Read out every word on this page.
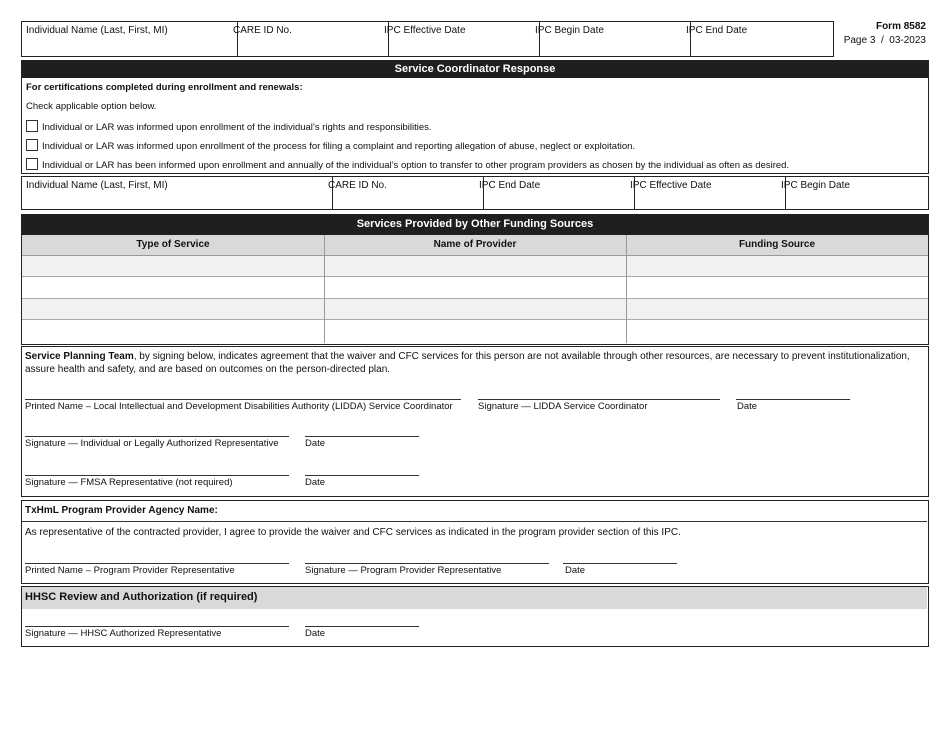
Individual Name (Last, First, MI)	CARE ID No.	IPC Effective Date	IPC Begin Date	IPC End Date	Form 8582
Page 3  /  03-2023
Service Coordinator Response
For certifications completed during enrollment and renewals:
Check applicable option below.
Individual or LAR was informed upon enrollment of the individual’s rights and responsibilities.
Individual or LAR was informed upon enrollment of the process for filing a complaint and reporting allegation of abuse, neglect or exploitation.
Individual or LAR has been informed upon enrollment and annually of the individual’s option to transfer to other program providers as chosen by the individual as often as desired.
Individual Name (Last, First, MI)	CARE ID No.	IPC End Date	IPC Effective Date	IPC Begin Date
Services Provided by Other Funding Sources
Type of Service	Name of Provider	Funding Source
Service Planning Team, by signing below, indicates agreement that the waiver and CFC services for this person are not available through other resources, are necessary to prevent institutionalization, assure health and safety, and are based on outcomes on the person-directed plan.
Printed Name – Local Intellectual and Development Disabilities Authority (LIDDA) Service Coordinator	Signature — LIDDA Service Coordinator	Date
Signature — Individual or Legally Authorized Representative	Date
Signature — FMSA Representative (not required)	Date
TxHmL Program Provider Agency Name:
As representative of the contracted provider, I agree to provide the waiver and CFC services as indicated in the program provider section of this IPC.
Printed Name – Program Provider Representative	Signature — Program Provider Representative	Date
HHSC Review and Authorization (if required)
Signature — HHSC Authorized Representative	Date
